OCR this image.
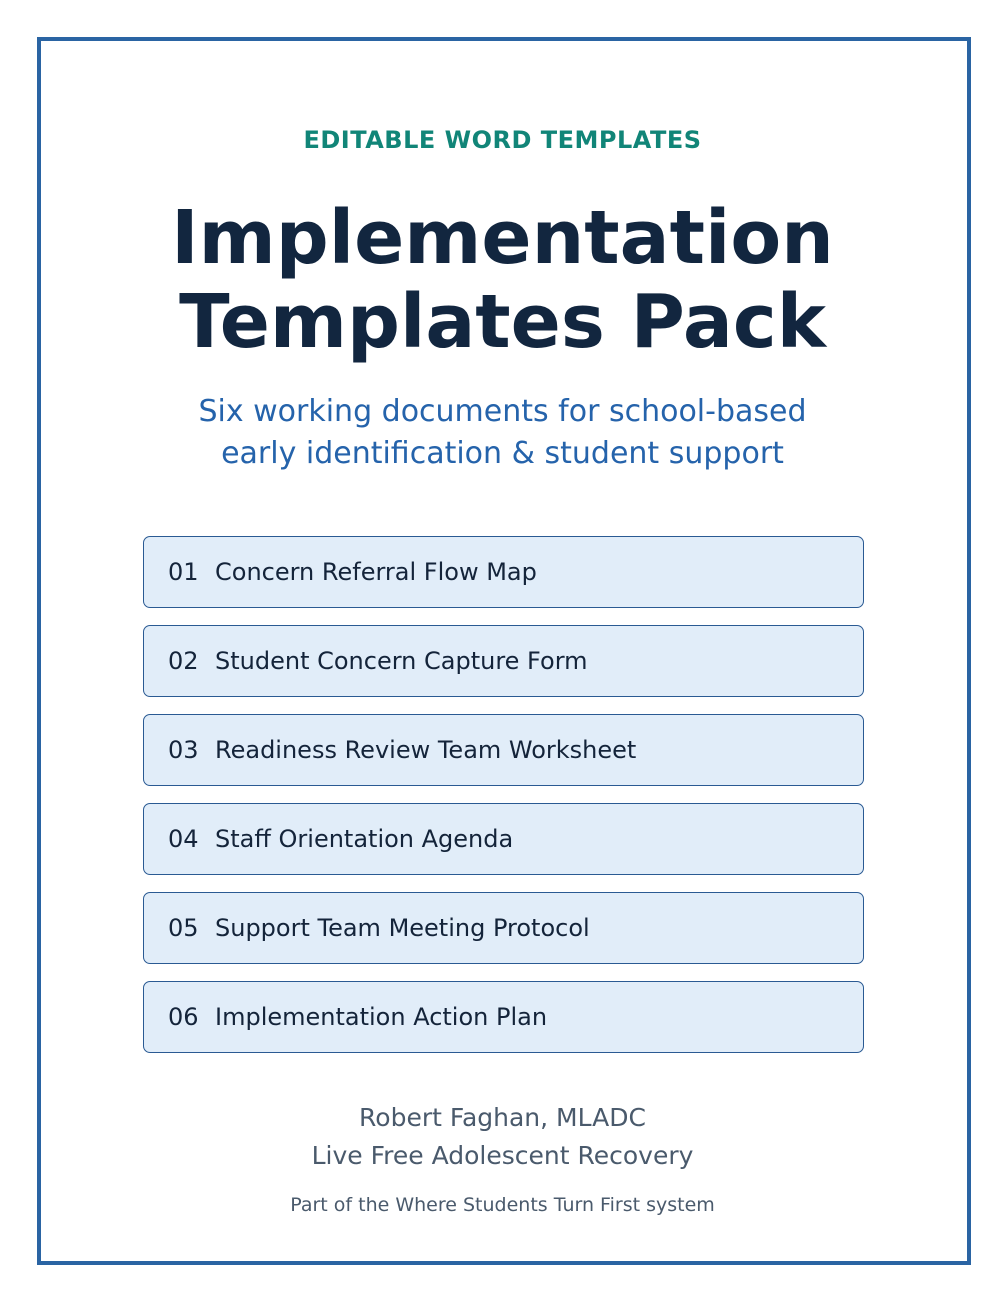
EDITABLE WORD TEMPLATES

Implementation
Templates Pack

Six working documents for school-based
early identification & student support

01 Concern Referral Flow Map
02 Student Concern Capture Form
03 Readiness Review Team Worksheet
04 Staff Orientation Agenda
05 Support Team Meeting Protocol
06 Implementation Action Plan

Robert Faghan, MLADC
Live Free Adolescent Recovery

Part of the Where Students Turn First system
